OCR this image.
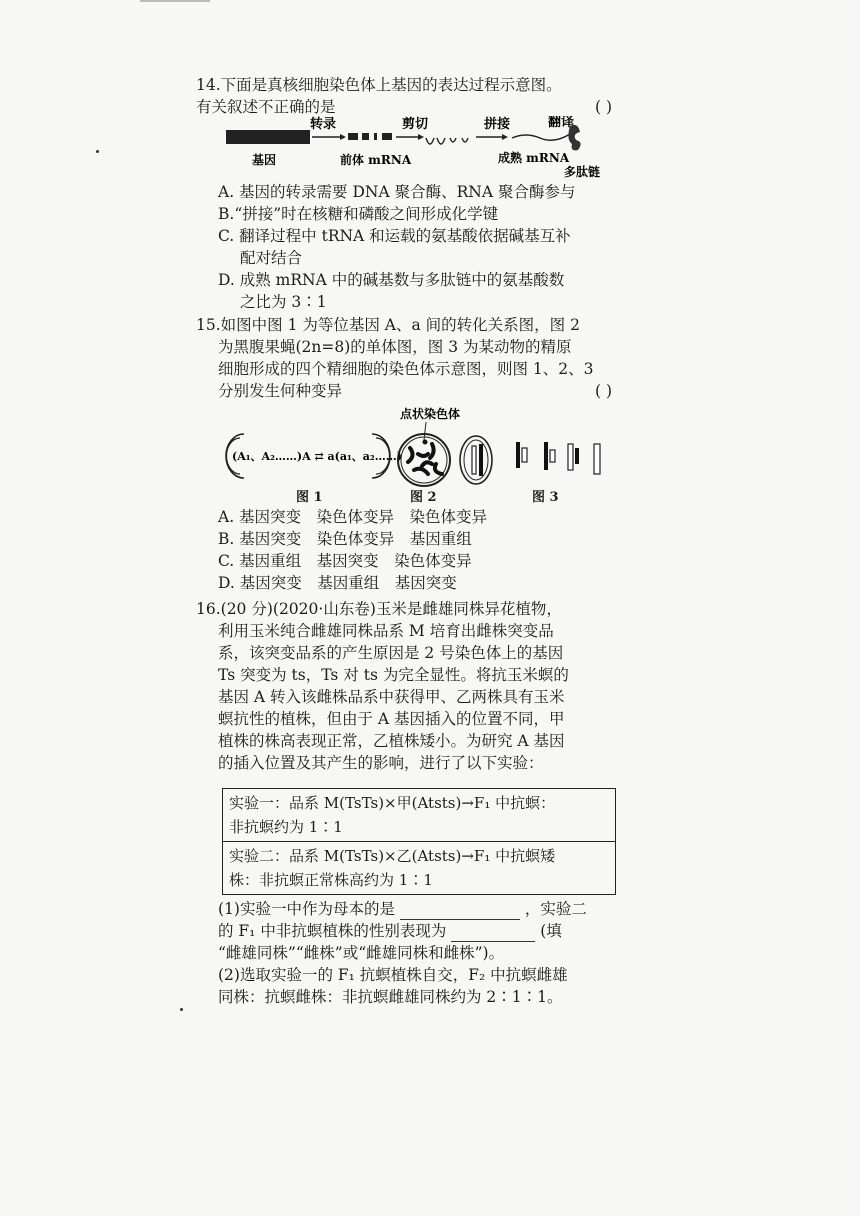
14.下面是真核细胞染色体上基因的表达过程示意图。
有关叙述不正确的是	( )
转录	剪切	拼接	翻译
基因	前体 mRNA	成熟 mRNA
多肽链
A. 基因的转录需要 DNA 聚合酶、RNA 聚合酶参与
B.“拼接”时在核糖和磷酸之间形成化学键
C. 翻译过程中 tRNA 和运载的氨基酸依据碱基互补
配对结合
D. 成熟 mRNA 中的碱基数与多肽链中的氨基酸数
之比为 3∶1
15.如图中图 1 为等位基因 A、a 间的转化关系图，图 2
为黑腹果蝇(2n=8)的单体图，图 3 为某动物的精原
细胞形成的四个精细胞的染色体示意图，则图 1、2、3
分别发生何种变异	( )
(A₁、A₂……)A ⇄ a(a₁、a₂……)
点状染色体
图 1	图 2	图 3
A. 基因突变　染色体变异　染色体变异
B. 基因突变　染色体变异　基因重组
C. 基因重组　基因突变　染色体变异
D. 基因突变　基因重组　基因突变
16.(20 分)(2020·山东卷)玉米是雌雄同株异花植物，
利用玉米纯合雌雄同株品系 M 培育出雌株突变品
系，该突变品系的产生原因是 2 号染色体上的基因
Ts 突变为 ts，Ts 对 ts 为完全显性。将抗玉米螟的
基因 A 转入该雌株品系中获得甲、乙两株具有玉米
螟抗性的植株，但由于 A 基因插入的位置不同，甲
植株的株高表现正常，乙植株矮小。为研究 A 基因
的插入位置及其产生的影响，进行了以下实验：
实验一：品系 M(TsTs)×甲(Atsts)→F₁ 中抗螟：
非抗螟约为 1∶1
实验二：品系 M(TsTs)×乙(Atsts)→F₁ 中抗螟矮
株：非抗螟正常株高约为 1∶1
(1)实验一中作为母本的是	，实验二
的 F₁ 中非抗螟植株的性别表现为	(填
“雌雄同株”“雌株”或“雌雄同株和雌株”)。
(2)选取实验一的 F₁ 抗螟植株自交，F₂ 中抗螟雌雄
同株：抗螟雌株：非抗螟雌雄同株约为 2∶1∶1。
